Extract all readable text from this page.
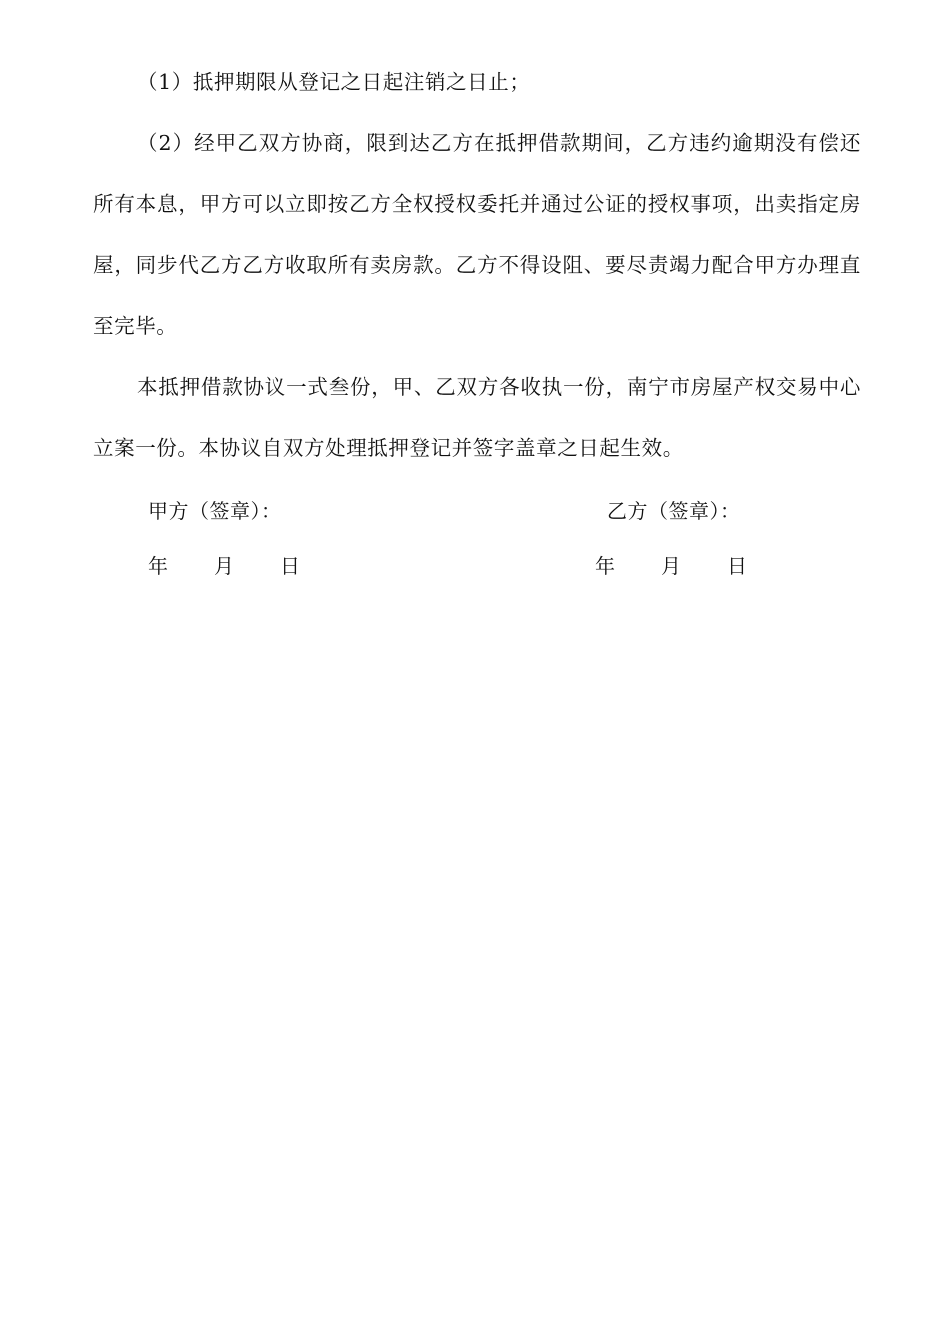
（1）抵押期限从登记之日起注销之日止；

（2）经甲乙双方协商，限到达乙方在抵押借款期间，乙方违约逾期没有偿还所有本息，甲方可以立即按乙方全权授权委托并通过公证的授权事项，出卖指定房屋，同步代乙方乙方收取所有卖房款。乙方不得设阻、要尽责竭力配合甲方办理直至完毕。

本抵押借款协议一式叁份，甲、乙双方各收执一份，南宁市房屋产权交易中心立案一份。本协议自双方处理抵押登记并签字盖章之日起生效。

甲方（签章）：	乙方（签章）：
年 月 日	年 月 日
